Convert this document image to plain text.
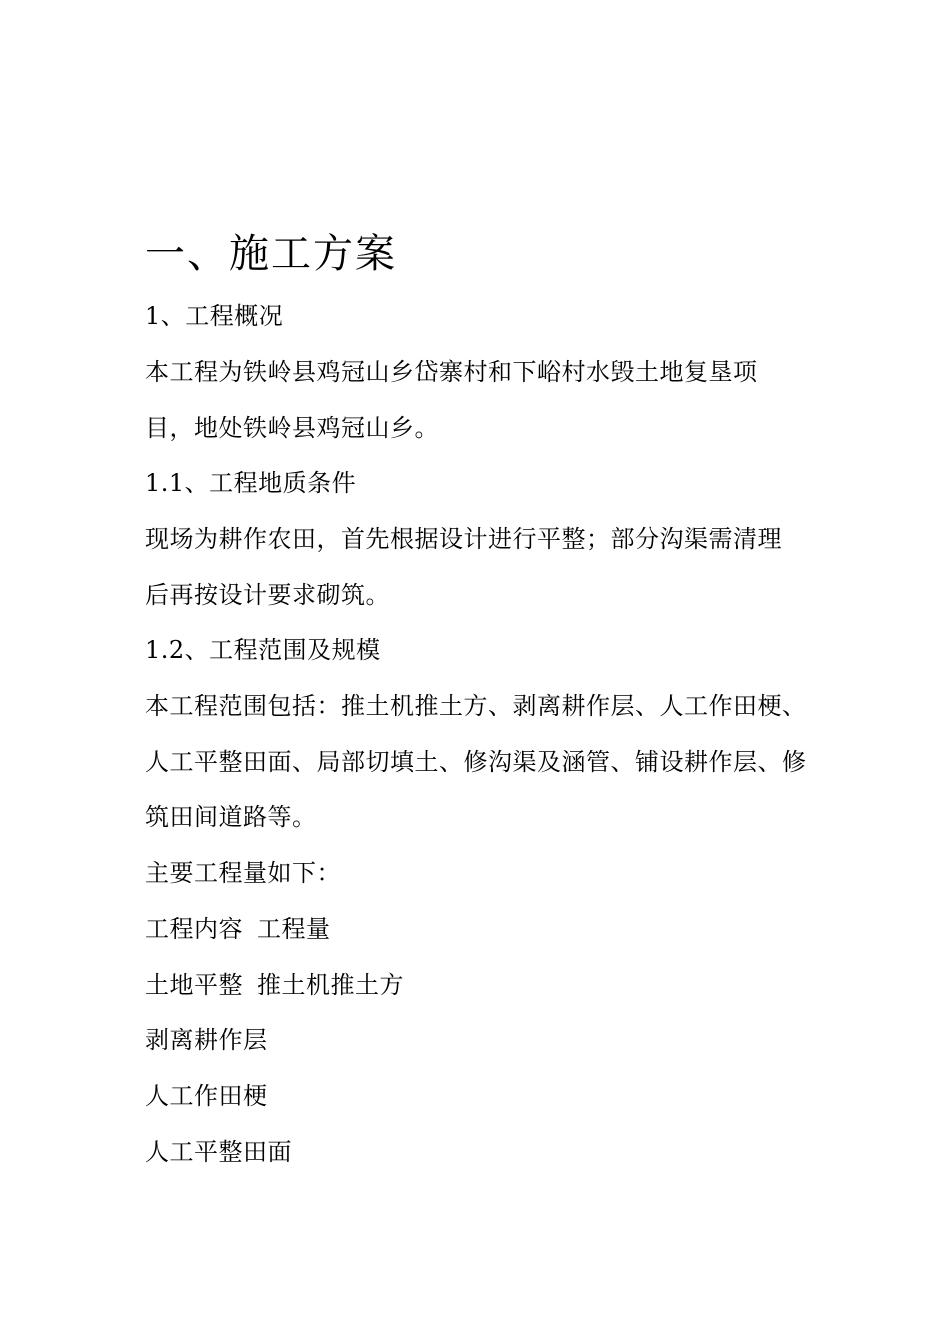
一、施工方案
1、工程概况
本工程为铁岭县鸡冠山乡岱寨村和下峪村水毁土地复垦项
目，地处铁岭县鸡冠山乡。
1.1、工程地质条件
现场为耕作农田，首先根据设计进行平整；部分沟渠需清理
后再按设计要求砌筑。
1.2、工程范围及规模
本工程范围包括：推土机推土方、剥离耕作层、人工作田梗、
人工平整田面、局部切填土、修沟渠及涵管、铺设耕作层、修
筑田间道路等。
主要工程量如下：
工程内容 工程量
土地平整 推土机推土方
剥离耕作层
人工作田梗
人工平整田面
